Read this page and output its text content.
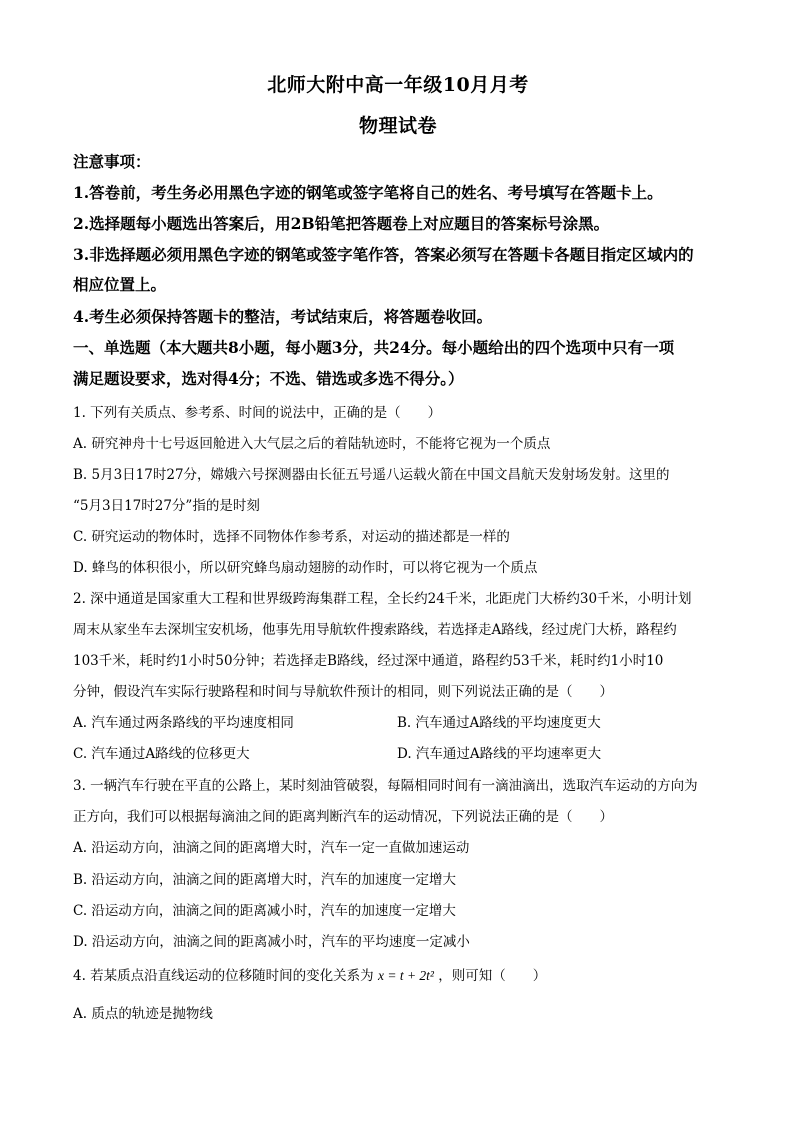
北师大附中高一年级10月月考
物理试卷
注意事项：
1.答卷前，考生务必用黑色字迹的钢笔或签字笔将自己的姓名、考号填写在答题卡上。
2.选择题每小题选出答案后，用2B铅笔把答题卷上对应题目的答案标号涂黑。
3.非选择题必须用黑色字迹的钢笔或签字笔作答，答案必须写在答题卡各题目指定区域内的
相应位置上。
4.考生必须保持答题卡的整洁，考试结束后，将答题卷收回。
一、单选题（本大题共8小题，每小题3分，共24分。每小题给出的四个选项中只有一项
满足题设要求，选对得4分；不选、错选或多选不得分。）
1. 下列有关质点、参考系、时间的说法中，正确的是（　　）
A. 研究神舟十七号返回舱进入大气层之后的着陆轨迹时，不能将它视为一个质点
B. 5月3日17时27分，嫦娥六号探测器由长征五号遥八运载火箭在中国文昌航天发射场发射。这里的
“5月3日17时27分”指的是时刻
C. 研究运动的物体时，选择不同物体作参考系，对运动的描述都是一样的
D. 蜂鸟的体积很小，所以研究蜂鸟扇动翅膀的动作时，可以将它视为一个质点
2. 深中通道是国家重大工程和世界级跨海集群工程，全长约24千米，北距虎门大桥约30千米，小明计划
周末从家坐车去深圳宝安机场，他事先用导航软件搜索路线，若选择走A路线，经过虎门大桥，路程约
103千米，耗时约1小时50分钟；若选择走B路线，经过深中通道，路程约53千米，耗时约1小时10
分钟，假设汽车实际行驶路程和时间与导航软件预计的相同，则下列说法正确的是（　　）
A. 汽车通过两条路线的平均速度相同	B. 汽车通过A路线的平均速度更大
C. 汽车通过A路线的位移更大	D. 汽车通过A路线的平均速率更大
3. 一辆汽车行驶在平直的公路上，某时刻油管破裂，每隔相同时间有一滴油滴出，选取汽车运动的方向为
正方向，我们可以根据每滴油之间的距离判断汽车的运动情况，下列说法正确的是（　　）
A. 沿运动方向，油滴之间的距离增大时，汽车一定一直做加速运动
B. 沿运动方向，油滴之间的距离增大时，汽车的加速度一定增大
C. 沿运动方向，油滴之间的距离减小时，汽车的加速度一定增大
D. 沿运动方向，油滴之间的距离减小时，汽车的平均速度一定减小
4. 若某质点沿直线运动的位移随时间的变化关系为 x = t + 2t² ，则可知（　　）
A. 质点的轨迹是抛物线
